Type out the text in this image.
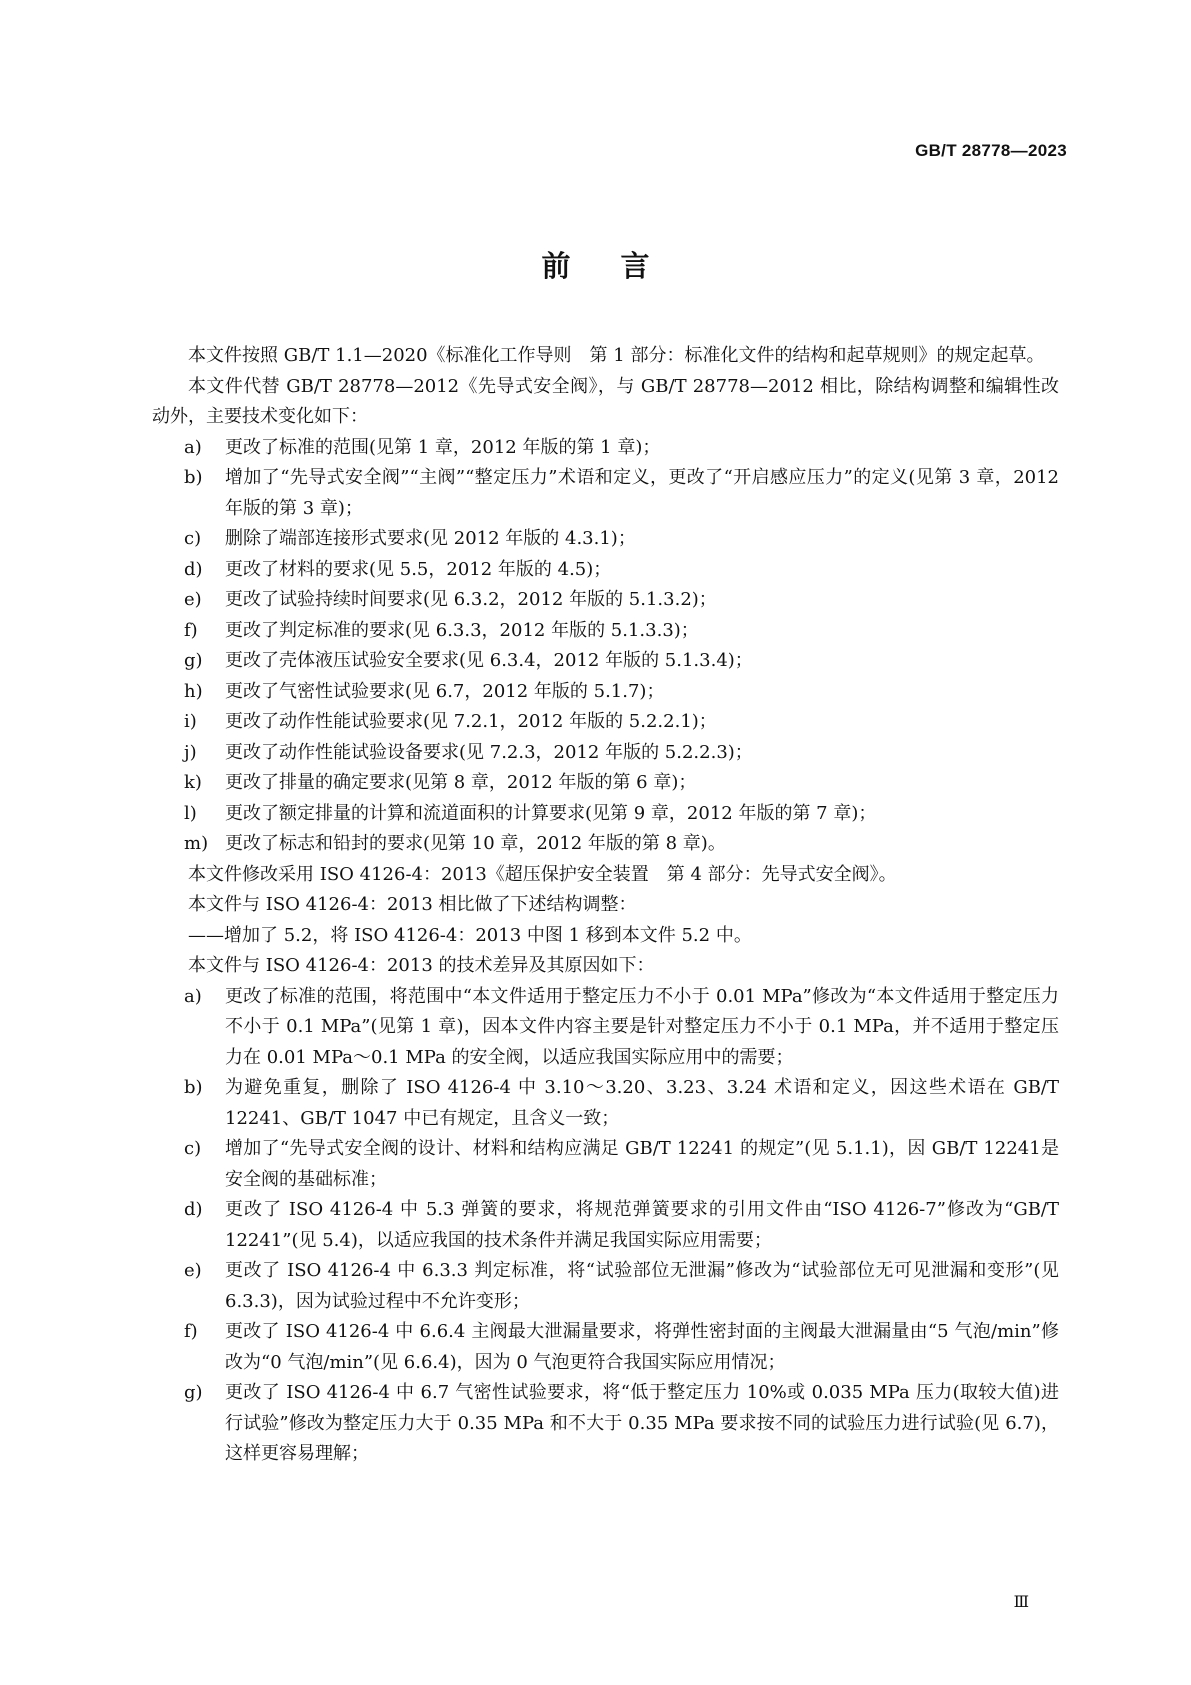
GB/T 28778—2023
前言

本文件按照 GB/T 1.1—2020《标准化工作导则　第 1 部分：标准化文件的结构和起草规则》的规定起草。

本文件代替 GB/T 28778—2012《先导式安全阀》，与 GB/T 28778—2012 相比，除结构调整和编辑性改动外，主要技术变化如下：

a) 更改了标准的范围(见第 1 章，2012 年版的第 1 章)；
b) 增加了“先导式安全阀”“主阀”“整定压力”术语和定义，更改了“开启感应压力”的定义(见第 3 章，2012 年版的第 3 章)；
c) 删除了端部连接形式要求(见 2012 年版的 4.3.1)；
d) 更改了材料的要求(见 5.5，2012 年版的 4.5)；
e) 更改了试验持续时间要求(见 6.3.2，2012 年版的 5.1.3.2)；
f) 更改了判定标准的要求(见 6.3.3，2012 年版的 5.1.3.3)；
g) 更改了壳体液压试验安全要求(见 6.3.4，2012 年版的 5.1.3.4)；
h) 更改了气密性试验要求(见 6.7，2012 年版的 5.1.7)；
i) 更改了动作性能试验要求(见 7.2.1，2012 年版的 5.2.2.1)；
j) 更改了动作性能试验设备要求(见 7.2.3，2012 年版的 5.2.2.3)；
k) 更改了排量的确定要求(见第 8 章，2012 年版的第 6 章)；
l) 更改了额定排量的计算和流道面积的计算要求(见第 9 章，2012 年版的第 7 章)；
m) 更改了标志和铅封的要求(见第 10 章，2012 年版的第 8 章)。

本文件修改采用 ISO 4126-4：2013《超压保护安全装置　第 4 部分：先导式安全阀》。

本文件与 ISO 4126-4：2013 相比做了下述结构调整：

——增加了 5.2，将 ISO 4126-4：2013 中图 1 移到本文件 5.2 中。

本文件与 ISO 4126-4：2013 的技术差异及其原因如下：

a) 更改了标准的范围，将范围中“本文件适用于整定压力不小于 0.01 MPa”修改为“本文件适用于整定压力不小于 0.1 MPa”(见第 1 章)，因本文件内容主要是针对整定压力不小于 0.1 MPa，并不适用于整定压力在 0.01 MPa～0.1 MPa 的安全阀，以适应我国实际应用中的需要；
b) 为避免重复，删除了 ISO 4126-4 中 3.10～3.20、3.23、3.24 术语和定义，因这些术语在 GB/T 12241、GB/T 1047 中已有规定，且含义一致；
c) 增加了“先导式安全阀的设计、材料和结构应满足 GB/T 12241 的规定”(见 5.1.1)，因 GB/T 12241是安全阀的基础标准；
d) 更改了 ISO 4126-4 中 5.3 弹簧的要求，将规范弹簧要求的引用文件由“ISO 4126-7”修改为“GB/T 12241”(见 5.4)，以适应我国的技术条件并满足我国实际应用需要；
e) 更改了 ISO 4126-4 中 6.3.3 判定标准，将“试验部位无泄漏”修改为“试验部位无可见泄漏和变形”(见 6.3.3)，因为试验过程中不允许变形；
f) 更改了 ISO 4126-4 中 6.6.4 主阀最大泄漏量要求，将弹性密封面的主阀最大泄漏量由“5 气泡/min”修改为“0 气泡/min”(见 6.6.4)，因为 0 气泡更符合我国实际应用情况；
g) 更改了 ISO 4126-4 中 6.7 气密性试验要求，将“低于整定压力 10%或 0.035 MPa 压力(取较大值)进行试验”修改为整定压力大于 0.35 MPa 和不大于 0.35 MPa 要求按不同的试验压力进行试验(见 6.7)，这样更容易理解；
Ⅲ
